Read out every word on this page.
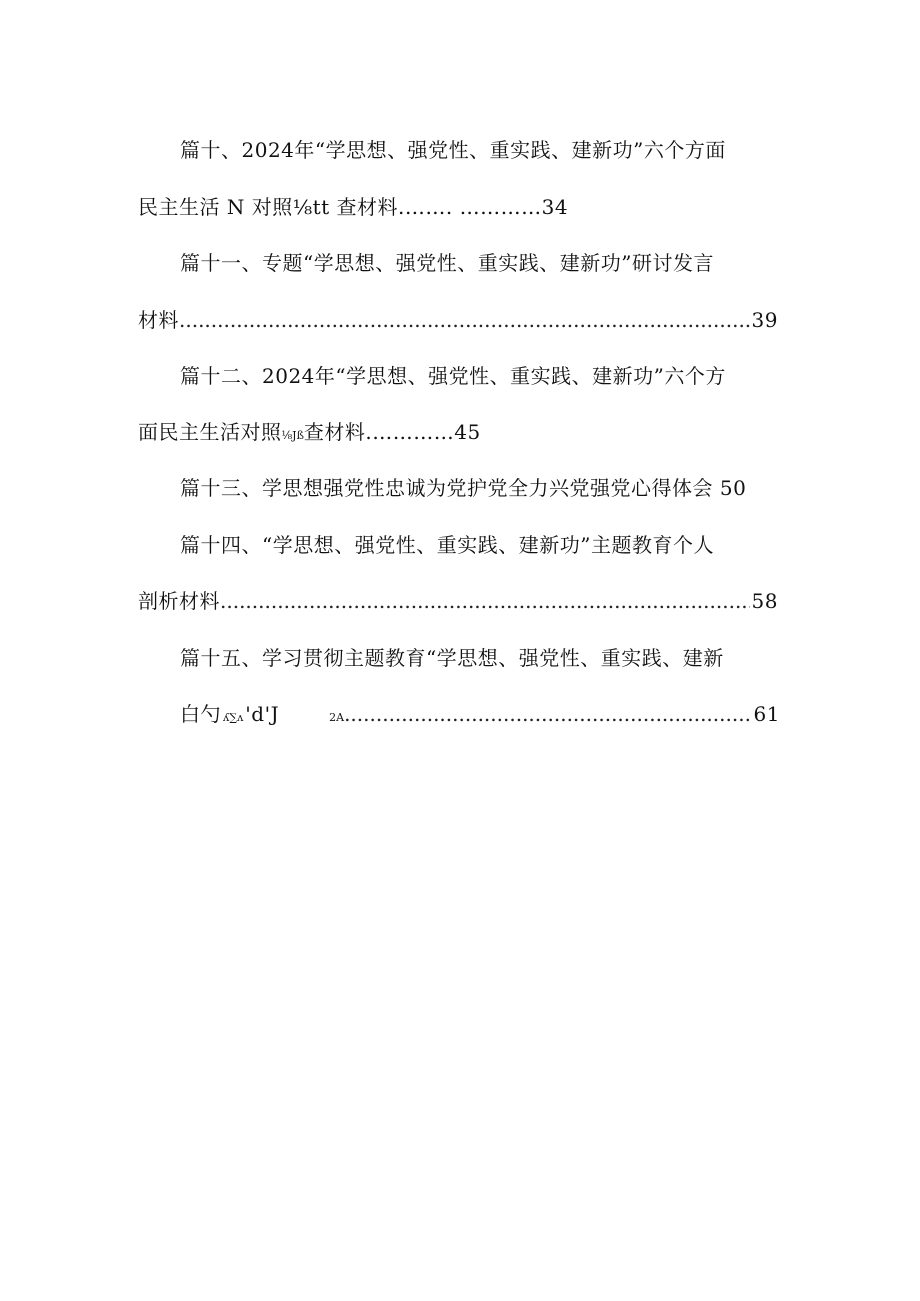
篇十、2024年“学思想、强党性、重实践、建新功”六个方面
民主生活 N 对照⅛tt 查材料.……. …………34
篇十一、专题“学思想、强党性、重实践、建新功”研讨发言
材料 .....	39
篇十二、2024年“学思想、强党性、重实践、建新功”六个方
面民主生活对照⅛Jß查材料.…………45
篇十三、学思想强党性忠诚为党护党全力兴党强党心得体会 50
篇十四、“学思想、强党性、重实践、建新功”主题教育个人
剖析材料 .....	58
篇十五、学习贯彻主题教育“学思想、强党性、重实践、建新
白勺 ʎ∑ʌ 'd'J	2A .....	61
